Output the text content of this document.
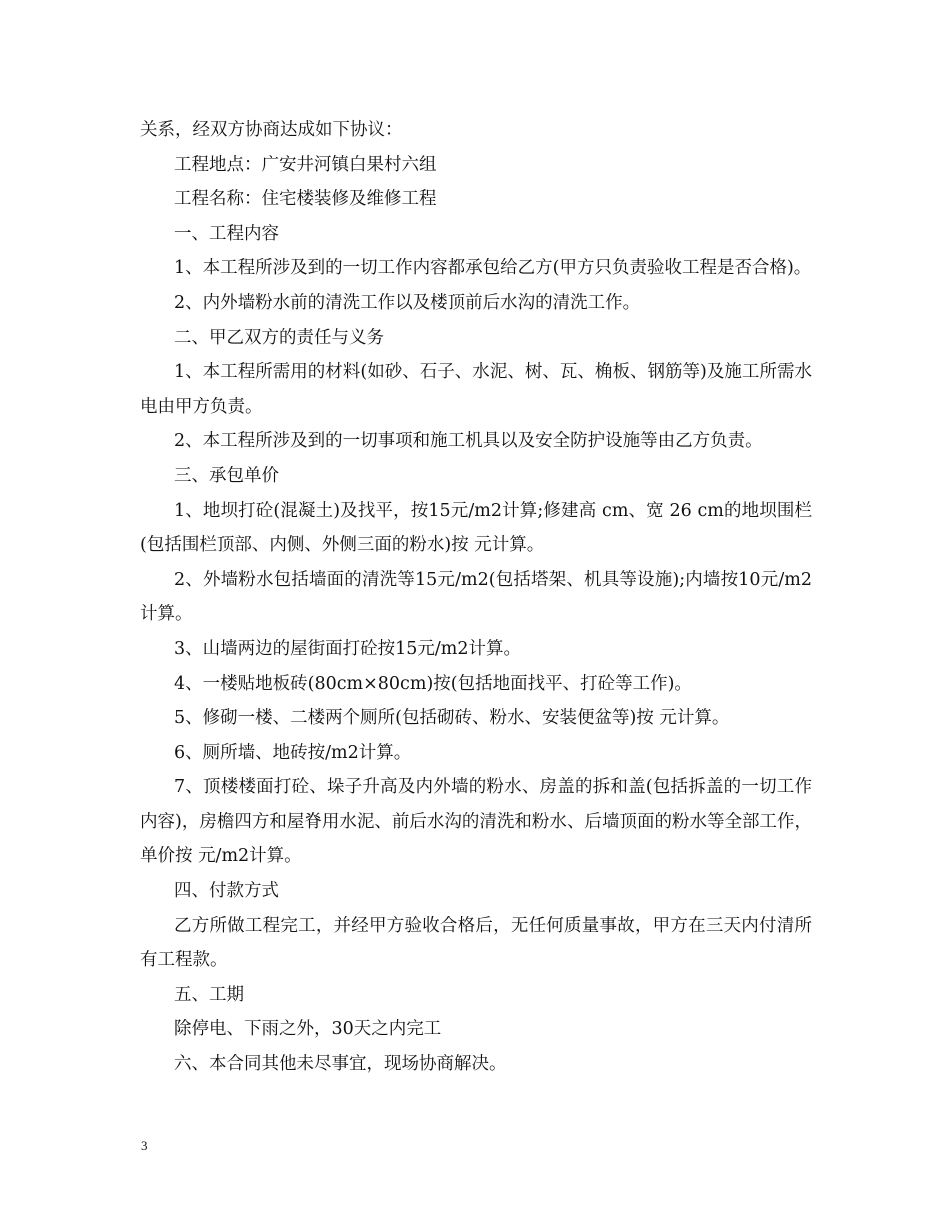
关系，经双方协商达成如下协议：

工程地点：广安井河镇白果村六组

工程名称：住宅楼装修及维修工程

一、工程内容

1、本工程所涉及到的一切工作内容都承包给乙方(甲方只负责验收工程是否合格)。

2、内外墙粉水前的清洗工作以及楼顶前后水沟的清洗工作。

二、甲乙双方的责任与义务

1、本工程所需用的材料(如砂、石子、水泥、树、瓦、桷板、钢筋等)及施工所需水电由甲方负责。

2、本工程所涉及到的一切事项和施工机具以及安全防护设施等由乙方负责。

三、承包单价

1、地坝打砼(混凝土)及找平，按15元/m2计算;修建高 cm、宽 26 cm的地坝围栏(包括围栏顶部、内侧、外侧三面的粉水)按 元计算。

2、外墙粉水包括墙面的清洗等15元/m2(包括塔架、机具等设施);内墙按10元/m2计算。

3、山墙两边的屋街面打砼按15元/m2计算。

4、一楼贴地板砖(80cm×80cm)按(包括地面找平、打砼等工作)。

5、修砌一楼、二楼两个厕所(包括砌砖、粉水、安装便盆等)按 元计算。

6、厕所墙、地砖按/m2计算。

7、顶楼楼面打砼、垛子升高及内外墙的粉水、房盖的拆和盖(包括拆盖的一切工作内容)，房檐四方和屋脊用水泥、前后水沟的清洗和粉水、后墙顶面的粉水等全部工作，单价按 元/m2计算。

四、付款方式

乙方所做工程完工，并经甲方验收合格后，无任何质量事故，甲方在三天内付清所有工程款。

五、工期

除停电、下雨之外，30天之内完工

六、本合同其他未尽事宜，现场协商解决。

3
